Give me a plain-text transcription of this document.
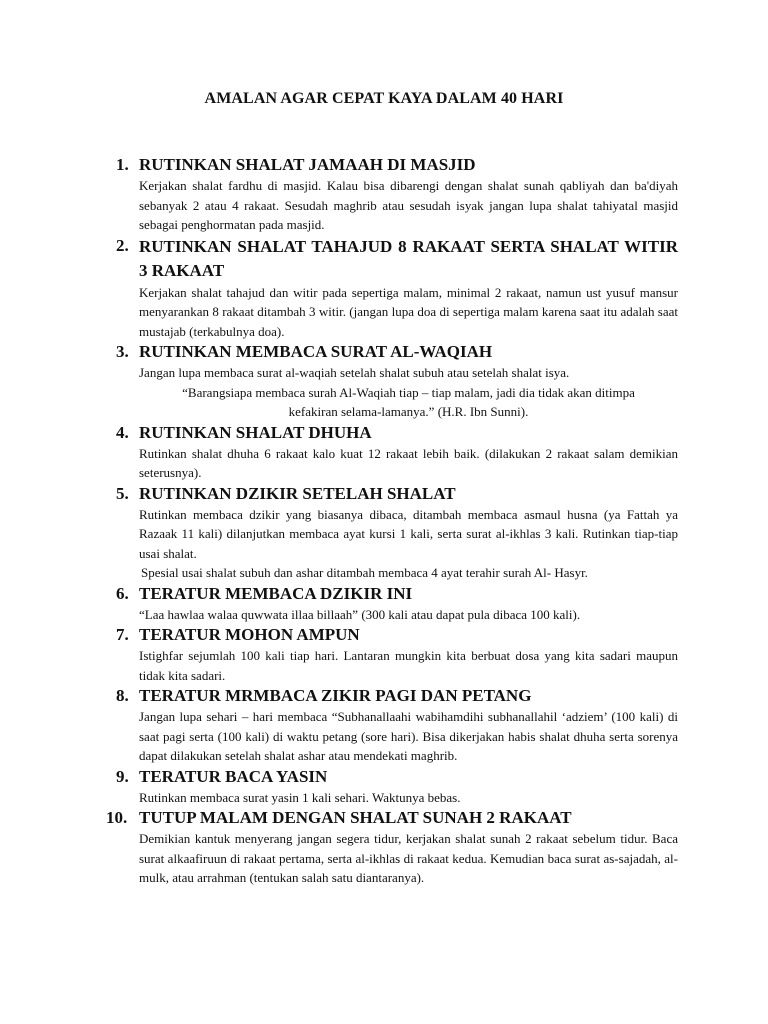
AMALAN AGAR CEPAT KAYA DALAM 40 HARI
1. RUTINKAN SHALAT JAMAAH DI MASJID

Kerjakan shalat fardhu di masjid. Kalau bisa dibarengi dengan shalat sunah qabliyah dan ba'diyah sebanyak 2 atau 4 rakaat. Sesudah maghrib atau sesudah isyak jangan lupa shalat tahiyatal masjid sebagai penghormatan pada masjid.

2. RUTINKAN SHALAT TAHAJUD 8 RAKAAT SERTA SHALAT WITIR 3 RAKAAT

Kerjakan shalat tahajud dan witir pada sepertiga malam, minimal 2 rakaat, namun ust yusuf mansur menyarankan 8 rakaat ditambah 3 witir. (jangan lupa doa di sepertiga malam karena saat itu adalah saat mustajab (terkabulnya doa).

3. RUTINKAN MEMBACA SURAT AL-WAQIAH

Jangan lupa membaca surat al-waqiah setelah shalat subuh atau setelah shalat isya.

“Barangsiapa membaca surah Al-Waqiah tiap – tiap malam, jadi dia tidak akan ditimpa kefakiran selama-lamanya.” (H.R. Ibn Sunni).

4. RUTINKAN SHALAT DHUHA

Rutinkan shalat dhuha 6 rakaat kalo kuat 12 rakaat lebih baik. (dilakukan 2 rakaat salam demikian seterusnya).

5. RUTINKAN DZIKIR SETELAH SHALAT

Rutinkan membaca dzikir yang biasanya dibaca, ditambah membaca asmaul husna (ya Fattah ya Razaak 11 kali) dilanjutkan membaca ayat kursi 1 kali, serta surat al-ikhlas 3 kali. Rutinkan tiap-tiap usai shalat.

Spesial usai shalat subuh dan ashar ditambah membaca 4 ayat terahir surah Al- Hasyr.

6. TERATUR MEMBACA DZIKIR INI

“Laa hawlaa walaa quwwata illaa billaah” (300 kali atau dapat pula dibaca 100 kali).

7. TERATUR MOHON AMPUN

Istighfar sejumlah 100 kali tiap hari. Lantaran mungkin kita berbuat dosa yang kita sadari maupun tidak kita sadari.

8. TERATUR MRMBACA ZIKIR PAGI DAN PETANG

Jangan lupa sehari – hari membaca “Subhanallaahi wabihamdihi subhanallahil ‘adziem’ (100 kali) di saat pagi serta (100 kali) di waktu petang (sore hari). Bisa dikerjakan habis shalat dhuha serta sorenya dapat dilakukan setelah shalat ashar atau mendekati maghrib.

9. TERATUR BACA YASIN

Rutinkan membaca surat yasin 1 kali sehari. Waktunya bebas.

10. TUTUP MALAM DENGAN SHALAT SUNAH 2 RAKAAT

Demikian kantuk menyerang jangan segera tidur, kerjakan shalat sunah 2 rakaat sebelum tidur. Baca surat alkaafiruun di rakaat pertama, serta al-ikhlas di rakaat kedua. Kemudian baca surat as-sajadah, al-mulk, atau arrahman (tentukan salah satu diantaranya).
